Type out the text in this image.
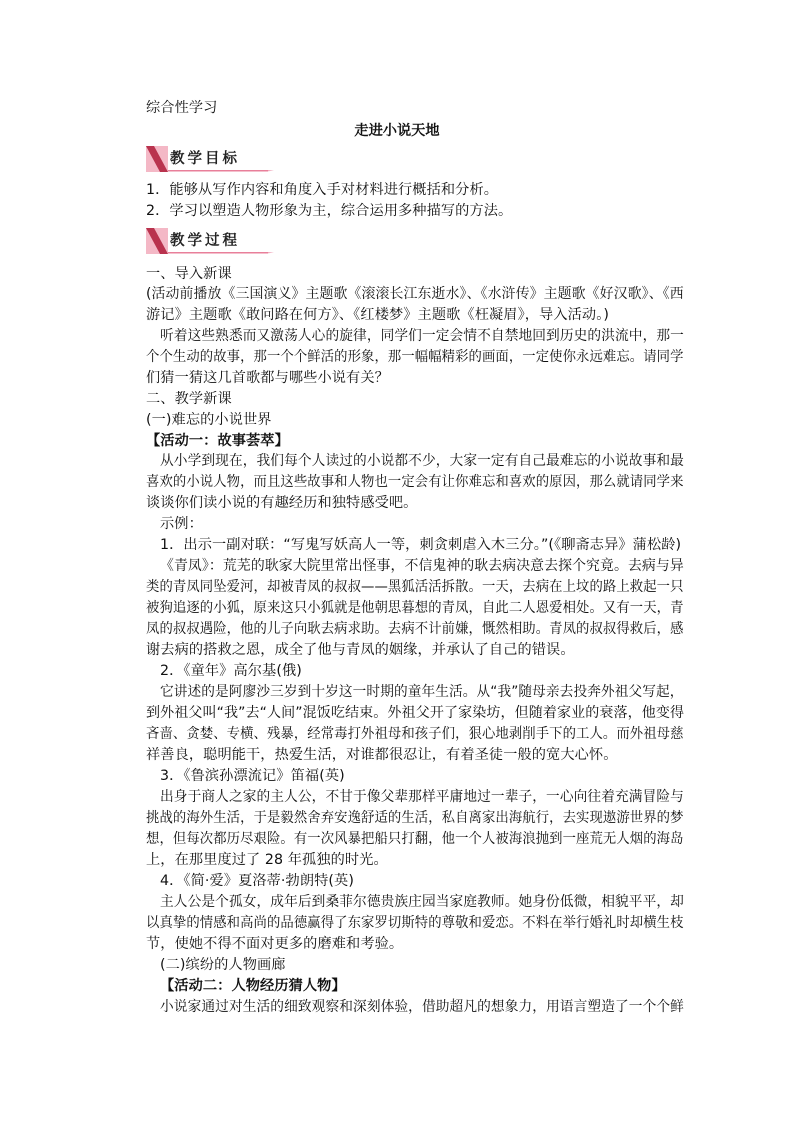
综合性学习
走进小说天地
教学目标
1．能够从写作内容和角度入手对材料进行概括和分析。
2．学习以塑造人物形象为主，综合运用多种描写的方法。
教学过程
一、导入新课
(活动前播放《三国演义》主题歌《滚滚长江东逝水》、《水浒传》主题歌《好汉歌》、《西
游记》主题歌《敢问路在何方》、《红楼梦》主题歌《枉凝眉》，导入活动。)
听着这些熟悉而又激荡人心的旋律，同学们一定会情不自禁地回到历史的洪流中，那一
个个生动的故事，那一个个鲜活的形象，那一幅幅精彩的画面，一定使你永远难忘。请同学
们猜一猜这几首歌都与哪些小说有关？
二、教学新课
(一)难忘的小说世界
【活动一：故事荟萃】
从小学到现在，我们每个人读过的小说都不少，大家一定有自己最难忘的小说故事和最
喜欢的小说人物，而且这些故事和人物也一定会有让你难忘和喜欢的原因，那么就请同学来
谈谈你们读小说的有趣经历和独特感受吧。
示例：
1．出示一副对联：“写鬼写妖高人一等，刺贪刺虐入木三分。”(《聊斋志异》蒲松龄)
《青凤》：荒芜的耿家大院里常出怪事，不信鬼神的耿去病决意去探个究竟。去病与异
类的青凤同坠爱河，却被青凤的叔叔——黑狐活活拆散。一天，去病在上坟的路上救起一只
被狗追逐的小狐，原来这只小狐就是他朝思暮想的青凤，自此二人恩爱相处。又有一天，青
凤的叔叔遇险，他的儿子向耿去病求助。去病不计前嫌，慨然相助。青凤的叔叔得救后，感
谢去病的搭救之恩，成全了他与青凤的姻缘，并承认了自己的错误。
2．《童年》高尔基(俄)
它讲述的是阿廖沙三岁到十岁这一时期的童年生活。从“我”随母亲去投奔外祖父写起，
到外祖父叫“我”去“人间”混饭吃结束。外祖父开了家染坊，但随着家业的衰落，他变得
吝啬、贪婪、专横、残暴，经常毒打外祖母和孩子们，狠心地剥削手下的工人。而外祖母慈
祥善良，聪明能干，热爱生活，对谁都很忍让，有着圣徒一般的宽大心怀。
3．《鲁滨孙漂流记》笛福(英)
出身于商人之家的主人公，不甘于像父辈那样平庸地过一辈子，一心向往着充满冒险与
挑战的海外生活，于是毅然舍弃安逸舒适的生活，私自离家出海航行，去实现遨游世界的梦
想，但每次都历尽艰险。有一次风暴把船只打翻，他一个人被海浪抛到一座荒无人烟的海岛
上，在那里度过了 28 年孤独的时光。
4．《简·爱》夏洛蒂·勃朗特(英)
主人公是个孤女，成年后到桑菲尔德贵族庄园当家庭教师。她身份低微，相貌平平，却
以真挚的情感和高尚的品德赢得了东家罗切斯特的尊敬和爱恋。不料在举行婚礼时却横生枝
节，使她不得不面对更多的磨难和考验。
(二)缤纷的人物画廊
【活动二：人物经历猜人物】
小说家通过对生活的细致观察和深刻体验，借助超凡的想象力，用语言塑造了一个个鲜
